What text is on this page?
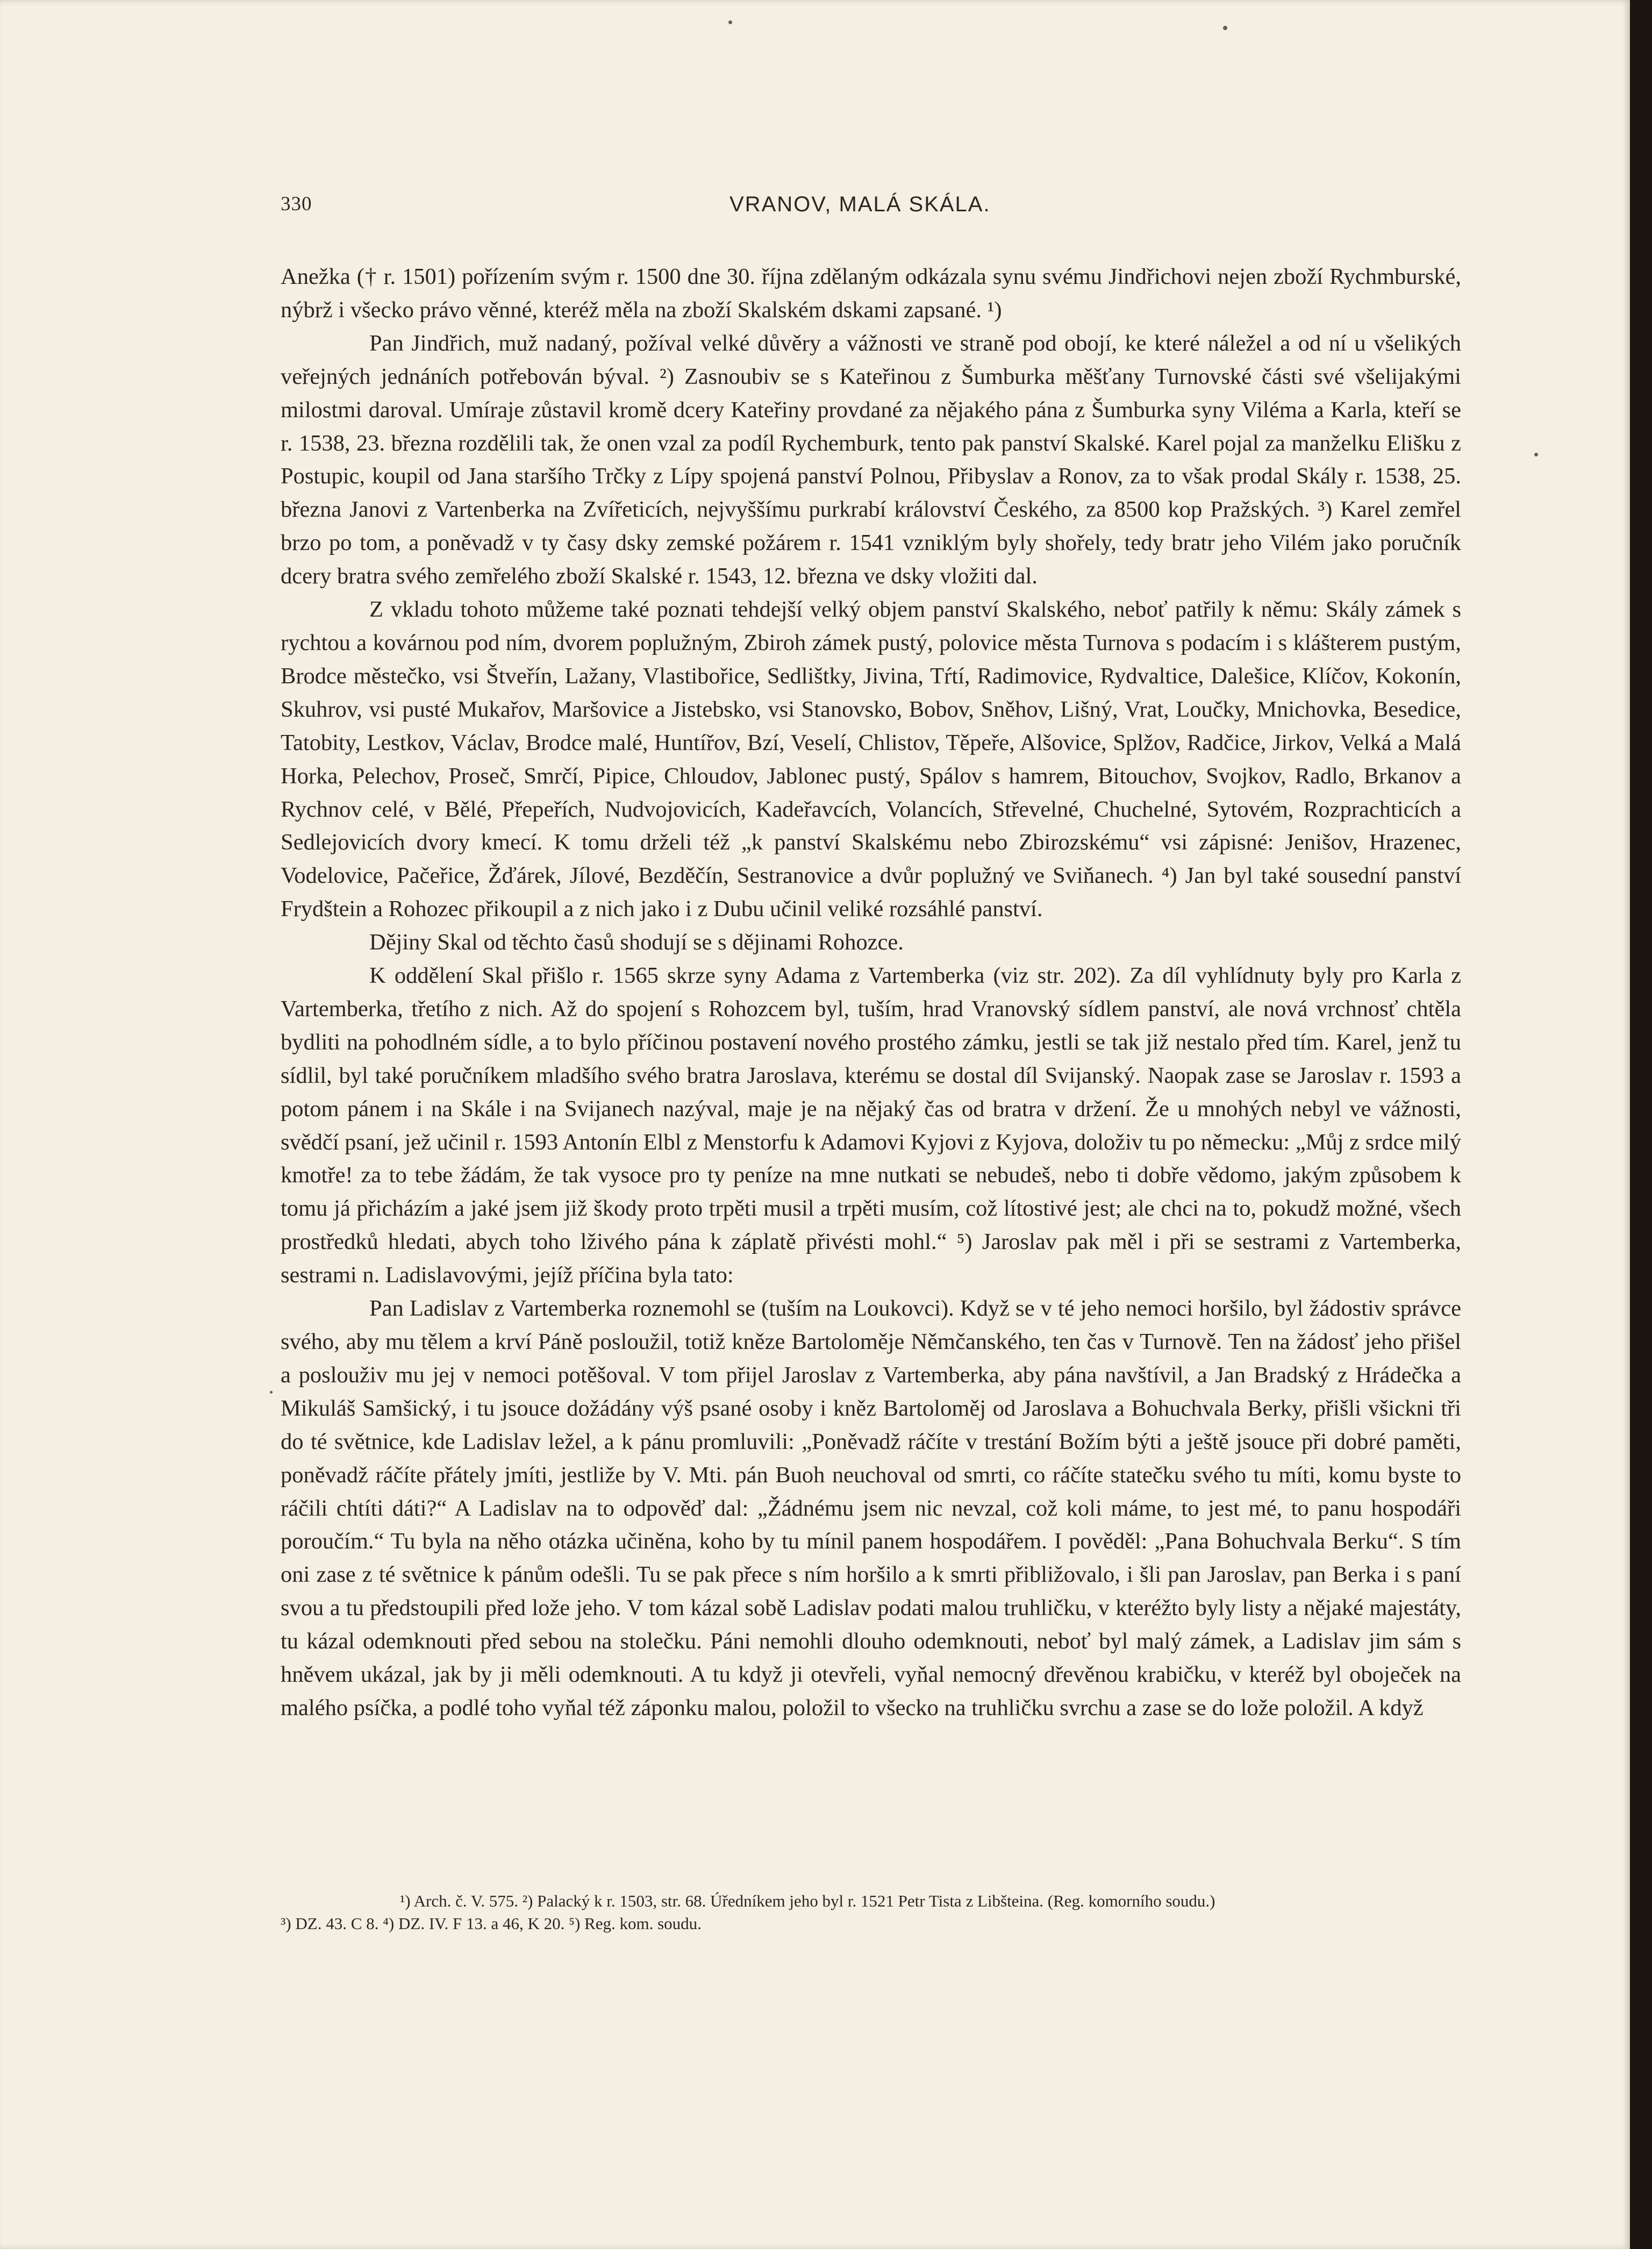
330	VRANOV, MALÁ SKÁLA.

Anežka († r. 1501) pořízením svým r. 1500 dne 30. října zdělaným odkázala synu svému Jindřichovi nejen zboží Rychmburské, nýbrž i všecko právo věnné, kteréž měla na zboží Skalském dskami zapsané. ¹)

Pan Jindřich, muž nadaný, požíval velké důvěry a vážnosti ve straně pod obojí, ke které náležel a od ní u všelikých veřejných jednáních potřebován býval. ²) Zasnoubiv se s Kateřinou z Šumburka měšťany Turnovské části své všelijakými milostmi daroval. Umíraje zůstavil kromě dcery Kateřiny provdané za nějakého pána z Šumburka syny Viléma a Karla, kteří se r. 1538, 23. března rozdělili tak, že onen vzal za podíl Rychemburk, tento pak panství Skalské. Karel pojal za manželku Elišku z Postupic, koupil od Jana staršího Trčky z Lípy spojená panství Polnou, Přibyslav a Ronov, za to však prodal Skály r. 1538, 25. března Janovi z Vartenberka na Zvířeticích, nejvyššímu purkrabí království Českého, za 8500 kop Pražských. ³) Karel zemřel brzo po tom, a poněvadž v ty časy dsky zemské požárem r. 1541 vzniklým byly shořely, tedy bratr jeho Vilém jako poručník dcery bratra svého zemřelého zboží Skalské r. 1543, 12. března ve dsky vložiti dal.

Z vkladu tohoto můžeme také poznati tehdejší velký objem panství Skalského, neboť patřily k němu: Skály zámek s rychtou a kovárnou pod ním, dvorem poplužným, Zbiroh zámek pustý, polovice města Turnova s podacím i s klášterem pustým, Brodce městečko, vsi Štveřín, Lažany, Vlastibořice, Sedlištky, Jivina, Tŕtí, Radimovice, Rydvaltice, Dalešice, Klíčov, Kokonín, Skuhrov, vsi pusté Mukařov, Maršovice a Jistebsko, vsi Stanovsko, Bobov, Sněhov, Lišný, Vrat, Loučky, Mnichovka, Besedice, Tatobity, Lestkov, Václav, Brodce malé, Huntířov, Bzí, Veselí, Chlistov, Těpeře, Alšovice, Splžov, Radčice, Jirkov, Velká a Malá Horka, Pelechov, Proseč, Smrčí, Pipice, Chloudov, Jablonec pustý, Spálov s hamrem, Bitouchov, Svojkov, Radlo, Brkanov a Rychnov celé, v Bělé, Přepeřích, Nudvojovicích, Kadeřavcích, Volancích, Střevelné, Chuchelné, Sytovém, Rozprachticích a Sedlejovicích dvory kmecí. K tomu drželi též „k panství Skalskému nebo Zbirozskému“ vsi zápisné: Jenišov, Hrazenec, Vodelovice, Pačeřice, Žďárek, Jílové, Bezděčín, Sestranovice a dvůr poplužný ve Sviňanech. ⁴) Jan byl také sousední panství Frydštein a Rohozec přikoupil a z nich jako i z Dubu učinil veliké rozsáhlé panství.

Dějiny Skal od těchto časů shodují se s dějinami Rohozce.

K oddělení Skal přišlo r. 1565 skrze syny Adama z Vartemberka (viz str. 202). Za díl vyhlídnuty byly pro Karla z Vartemberka, třetího z nich. Až do spojení s Rohozcem byl, tuším, hrad Vranovský sídlem panství, ale nová vrchnosť chtěla bydliti na pohodlném sídle, a to bylo příčinou postavení nového prostého zámku, jestli se tak již nestalo před tím. Karel, jenž tu sídlil, byl také poručníkem mladšího svého bratra Jaroslava, kterému se dostal díl Svijanský. Naopak zase se Jaroslav r. 1593 a potom pánem i na Skále i na Svijanech nazýval, maje je na nějaký čas od bratra v držení. Že u mnohých nebyl ve vážnosti, svědčí psaní, jež učinil r. 1593 Antonín Elbl z Menstorfu k Adamovi Kyjovi z Kyjova, doloživ tu po německu: „Můj z srdce milý kmotře! za to tebe žádám, že tak vysoce pro ty peníze na mne nutkati se nebudeš, nebo ti dobře vědomo, jakým způsobem k tomu já přicházím a jaké jsem již škody proto trpěti musil a trpěti musím, což lítostivé jest; ale chci na to, pokudž možné, všech prostředků hledati, abych toho lživého pána k záplatě přivésti mohl.“ ⁵) Jaroslav pak měl i při se sestrami z Vartemberka, sestrami n. Ladislavovými, jejíž příčina byla tato:

Pan Ladislav z Vartemberka roznemohl se (tuším na Loukovci). Když se v té jeho nemoci horšilo, byl žádostiv správce svého, aby mu tělem a krví Páně posloužil, totiž kněze Bartoloměje Němčanského, ten čas v Turnově. Ten na žádosť jeho přišel a poslouživ mu jej v nemoci potěšoval. V tom přijel Jaroslav z Vartemberka, aby pána navštívil, a Jan Bradský z Hrádečka a Mikuláš Samšický, i tu jsouce dožádány výš psané osoby i kněz Bartoloměj od Jaroslava a Bohuchvala Berky, přišli všickni tři do té světnice, kde Ladislav ležel, a k pánu promluvili: „Poněvadž ráčíte v trestání Božím býti a ještě jsouce při dobré paměti, poněvadž ráčíte přátely jmíti, jestliže by V. Mti. pán Buoh neuchoval od smrti, co ráčíte statečku svého tu míti, komu byste to ráčili chtíti dáti?“ A Ladislav na to odpověď dal: „Žádnému jsem nic nevzal, což koli máme, to jest mé, to panu hospodáři poroučím.“ Tu byla na něho otázka učiněna, koho by tu mínil panem hospodářem. I pověděl: „Pana Bohuchvala Berku“. S tím oni zase z té světnice k pánům odešli. Tu se pak přece s ním horšilo a k smrti přibližovalo, i šli pan Jaroslav, pan Berka i s paní svou a tu předstoupili před lože jeho. V tom kázal sobě Ladislav podati malou truhličku, v kteréžto byly listy a nějaké majestáty, tu kázal odemknouti před sebou na stolečku. Páni nemohli dlouho odemknouti, neboť byl malý zámek, a Ladislav jim sám s hněvem ukázal, jak by ji měli odemknouti. A tu když ji otevřeli, vyňal nemocný dřevěnou krabičku, v kteréž byl oboječek na malého psíčka, a podlé toho vyňal též záponku malou, položil to všecko na truhličku svrchu a zase se do lože položil. A když

¹) Arch. č. V. 575. ²) Palacký k r. 1503, str. 68. Úředníkem jeho byl r. 1521 Petr Tista z Libšteina. (Reg. komorního soudu.)
³) DZ. 43. C 8. ⁴) DZ. IV. F 13. a 46, K 20. ⁵) Reg. kom. soudu.
